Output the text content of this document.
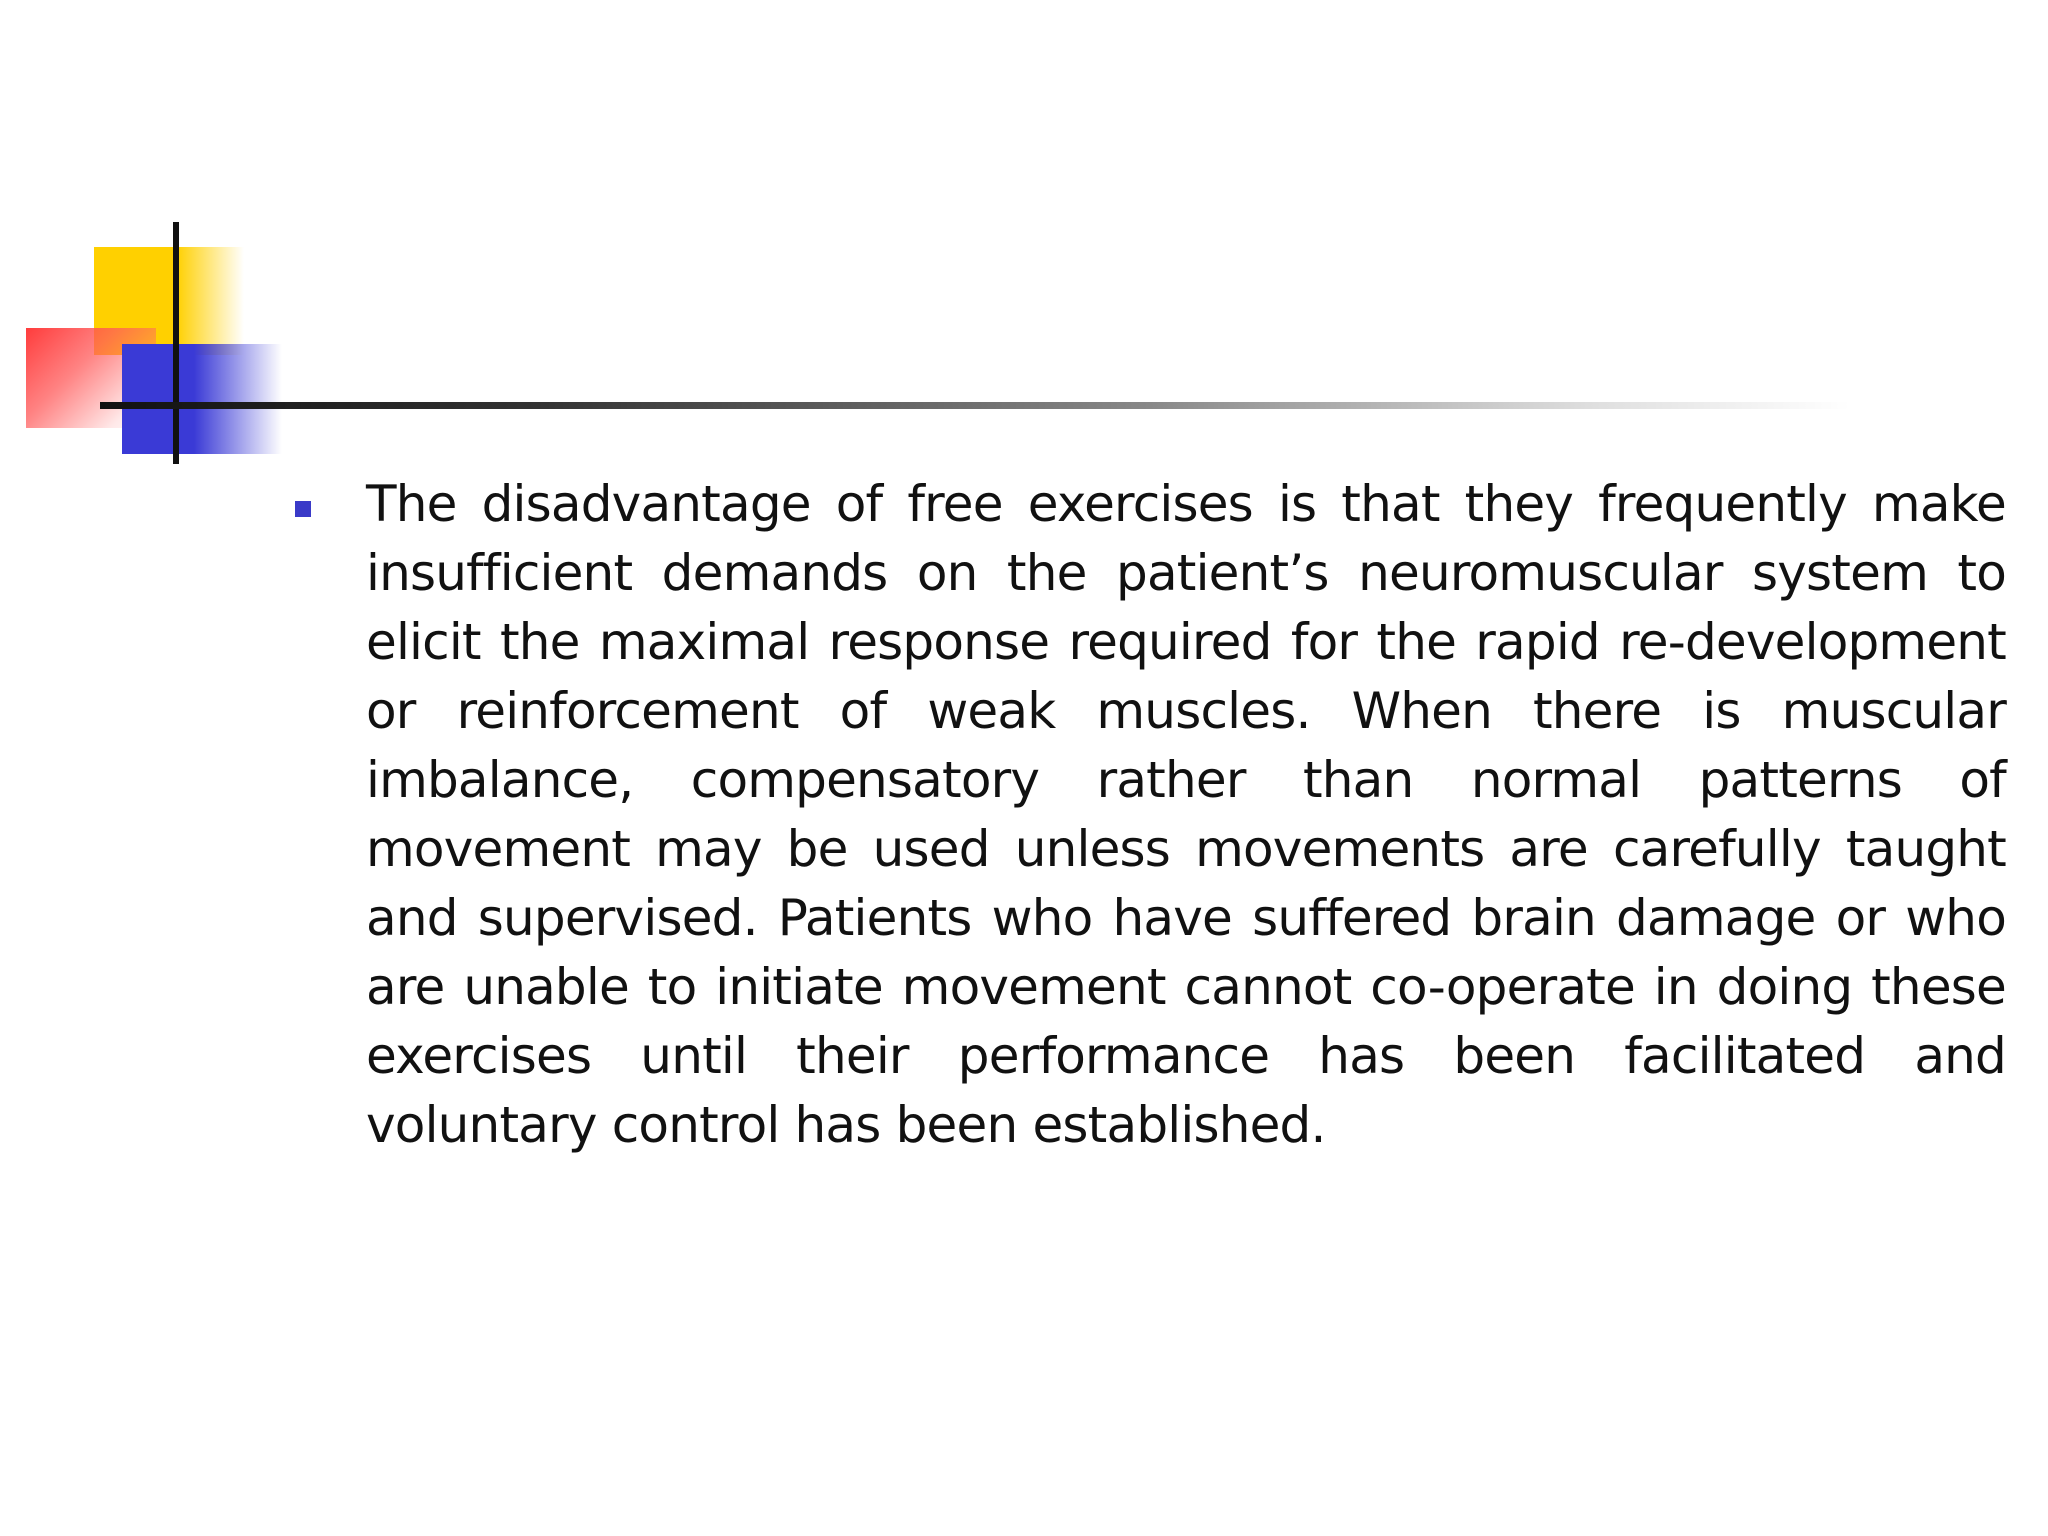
The disadvantage of free exercises is that they frequently make insufficient demands on the patient’s neuromuscular system to elicit the maximal response required for the rapid re-development or reinforcement of weak muscles. When there is muscular imbalance, compensatory rather than normal patterns of movement may be used unless movements are carefully taught and supervised. Patients who have suffered brain damage or who are unable to initiate movement cannot co-operate in doing these exercises until their performance has been facilitated and voluntary control has been established.
